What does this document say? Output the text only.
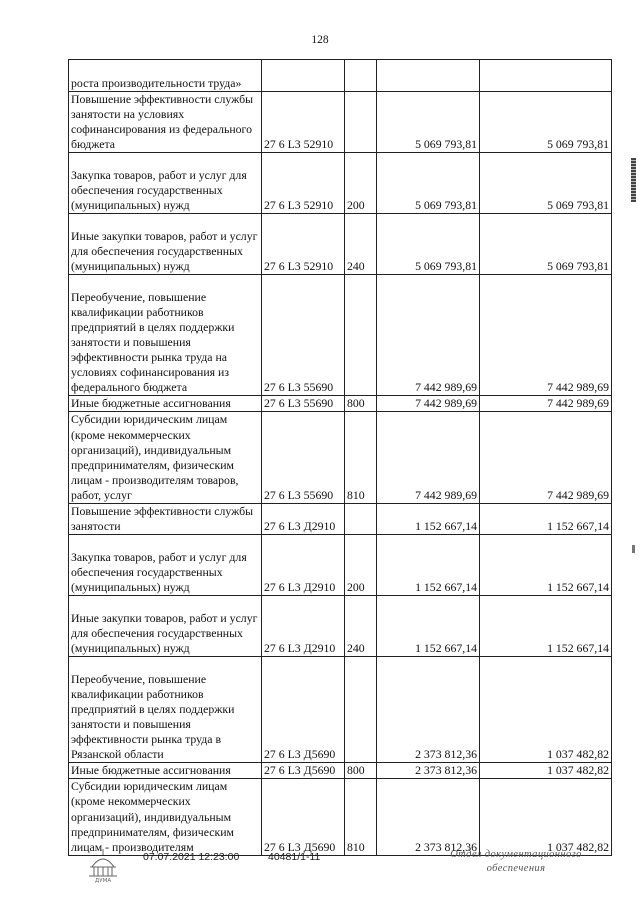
128
роста производительности труда»				
Повышение эффективности службы занятости на условиях софинансирования из федерального бюджета	27 6 L3 52910		5 069 793,81	5 069 793,81
Закупка товаров, работ и услуг для обеспечения государственных (муниципальных) нужд	27 6 L3 52910	200	5 069 793,81	5 069 793,81
Иные закупки товаров, работ и услуг для обеспечения государственных (муниципальных) нужд	27 6 L3 52910	240	5 069 793,81	5 069 793,81
Переобучение, повышение квалификации работников предприятий в целях поддержки занятости и повышения эффективности рынка труда на условиях софинансирования из федерального бюджета	27 6 L3 55690		7 442 989,69	7 442 989,69
Иные бюджетные ассигнования	27 6 L3 55690	800	7 442 989,69	7 442 989,69
Субсидии юридическим лицам (кроме некоммерческих организаций), индивидуальным предпринимателям, физическим лицам - производителям товаров, работ, услуг	27 6 L3 55690	810	7 442 989,69	7 442 989,69
Повышение эффективности службы занятости	27 6 L3 Д2910		1 152 667,14	1 152 667,14
Закупка товаров, работ и услуг для обеспечения государственных (муниципальных) нужд	27 6 L3 Д2910	200	1 152 667,14	1 152 667,14
Иные закупки товаров, работ и услуг для обеспечения государственных (муниципальных) нужд	27 6 L3 Д2910	240	1 152 667,14	1 152 667,14
Переобучение, повышение квалификации работников предприятий в целях поддержки занятости и повышения эффективности рынка труда в Рязанской области	27 6 L3 Д5690		2 373 812,36	1 037 482,82
Иные бюджетные ассигнования	27 6 L3 Д5690	800	2 373 812,36	1 037 482,82
Субсидии юридическим лицам (кроме некоммерческих организаций), индивидуальным предпринимателям, физическим лицам - производителям	27 6 L3 Д5690	810	2 373 812,36	1 037 482,82
ДУМА
07.07.2021 12:23:00	40481/1-11	Отдел документационного
обеспечения
